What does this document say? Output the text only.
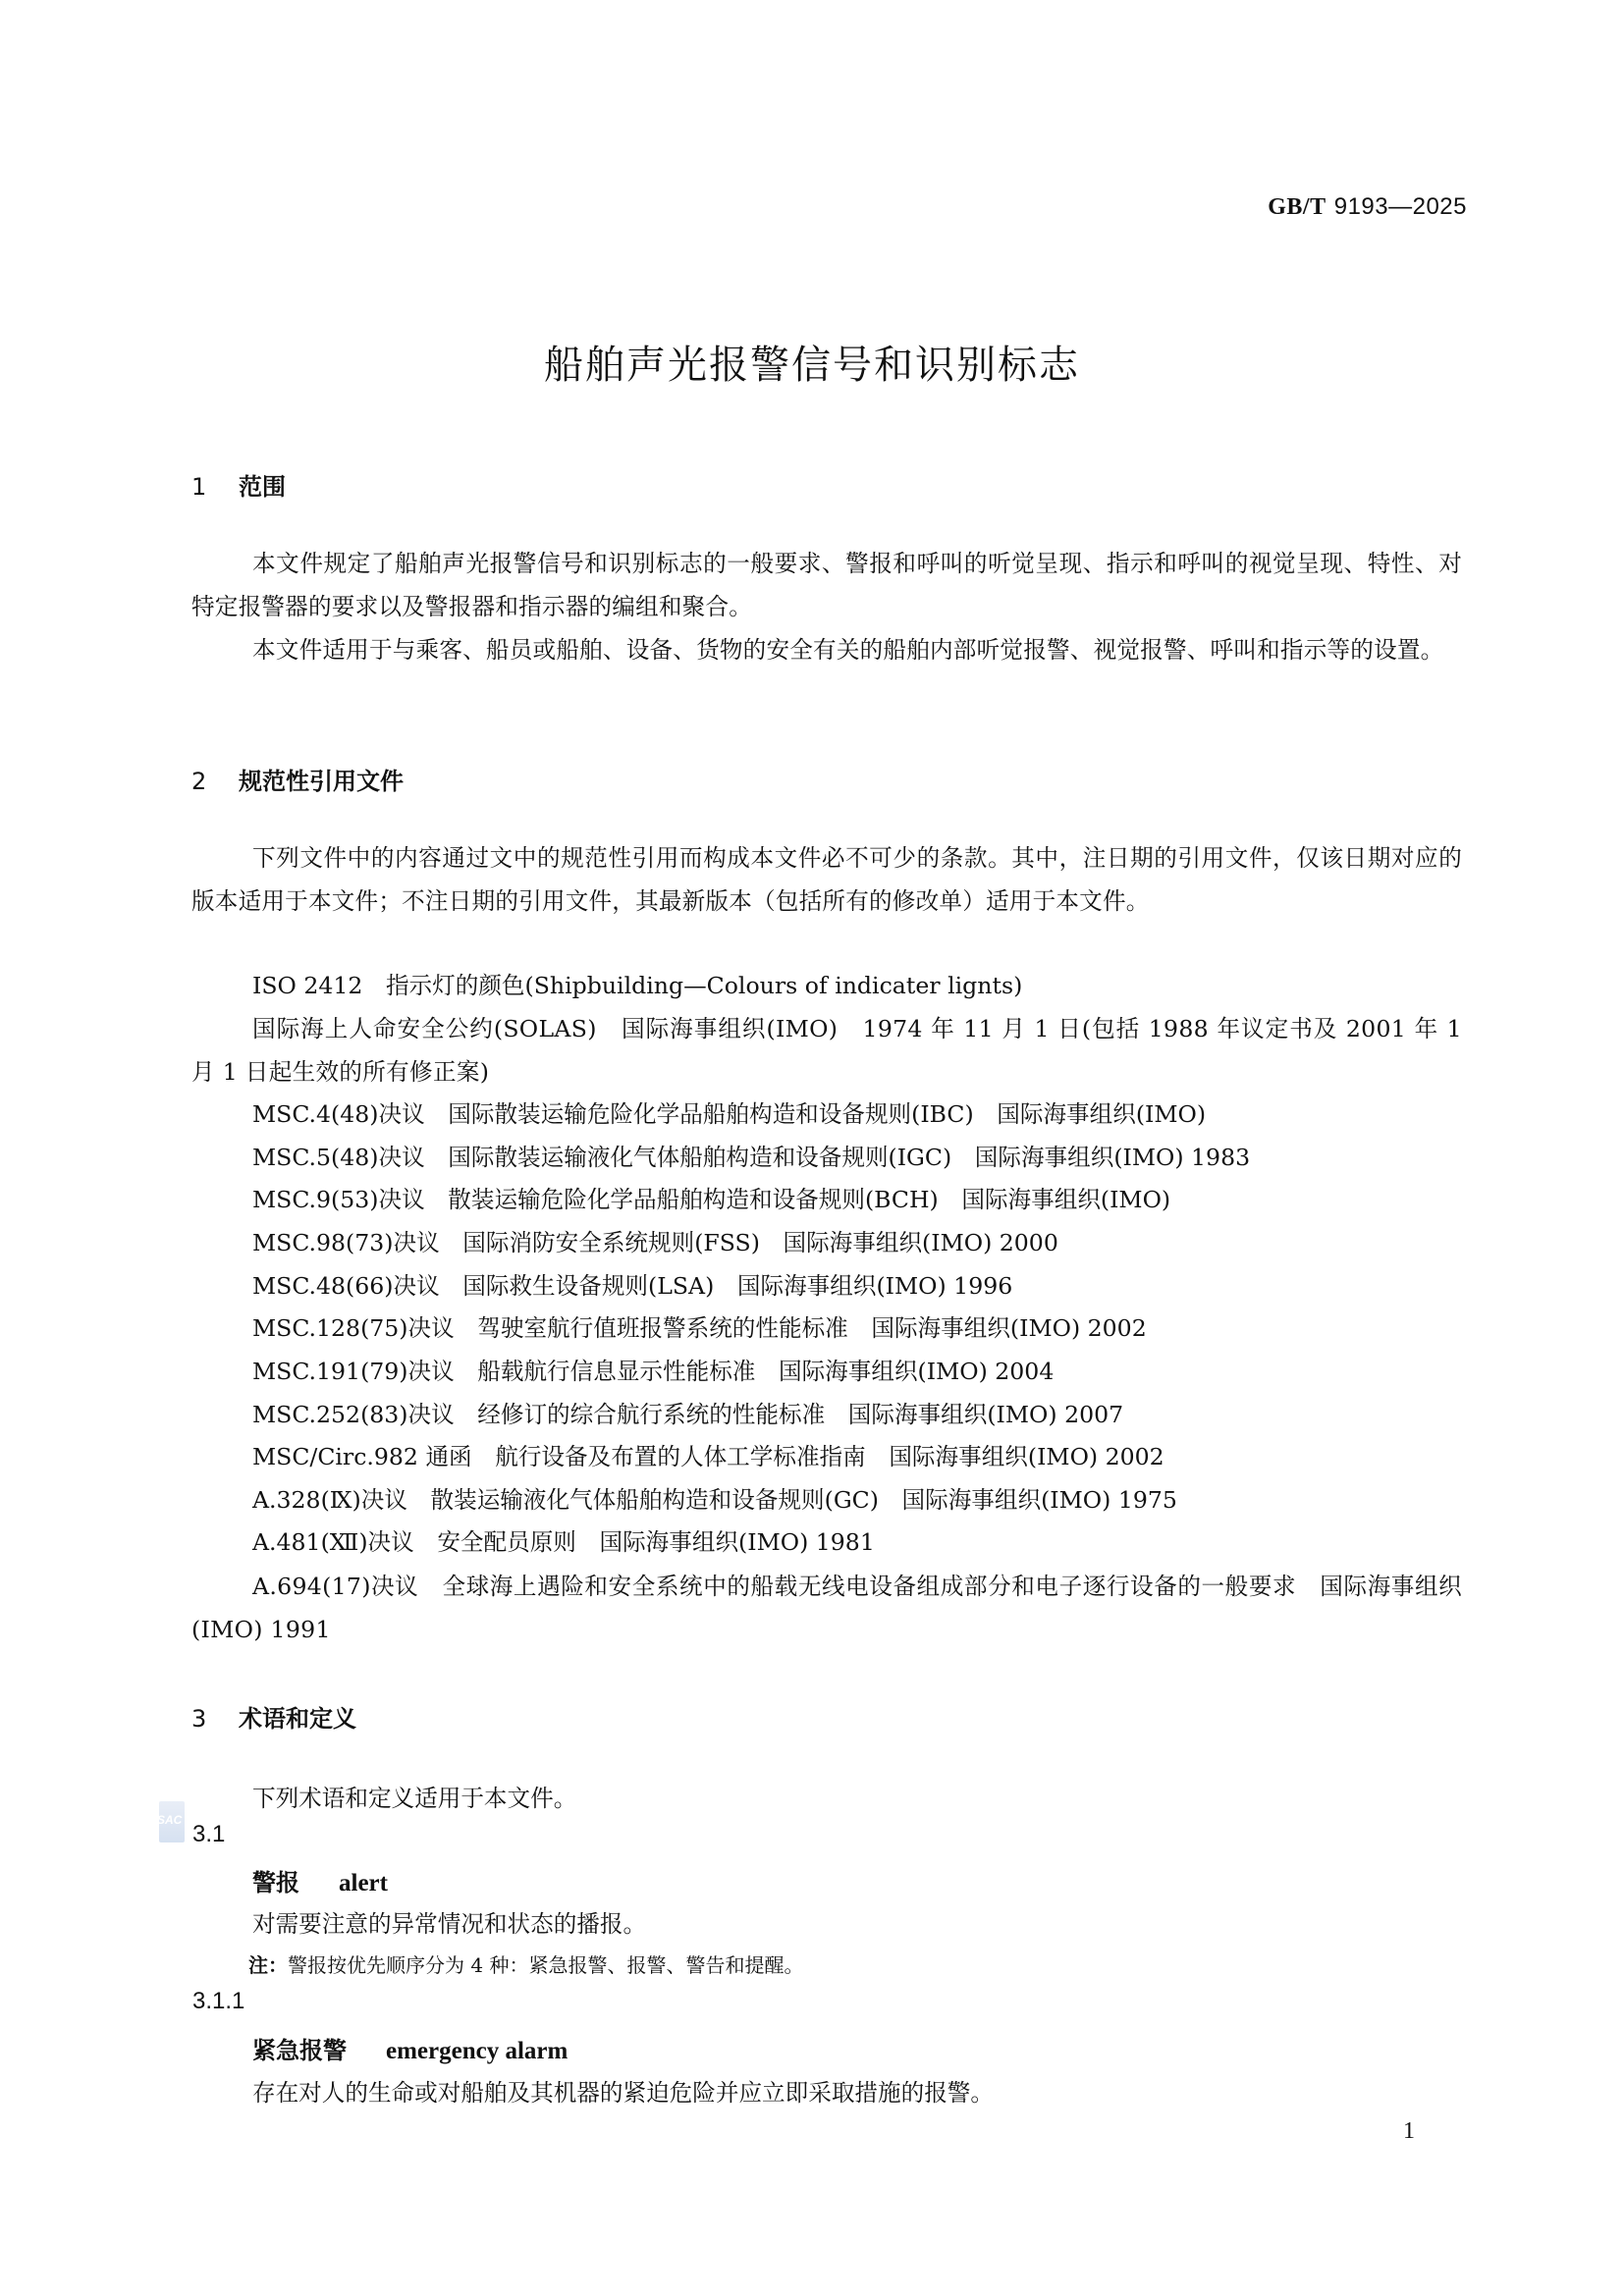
GB/T 9193—2025
船舶声光报警信号和识别标志
1 范围
本文件规定了船舶声光报警信号和识别标志的一般要求、警报和呼叫的听觉呈现、指示和呼叫的视觉呈现、特性、对特定报警器的要求以及警报器和指示器的编组和聚合。
本文件适用于与乘客、船员或船舶、设备、货物的安全有关的船舶内部听觉报警、视觉报警、呼叫和指示等的设置。
2 规范性引用文件
下列文件中的内容通过文中的规范性引用而构成本文件必不可少的条款。其中，注日期的引用文件，仅该日期对应的版本适用于本文件；不注日期的引用文件，其最新版本（包括所有的修改单）适用于本文件。
ISO 2412　指示灯的颜色(Shipbuilding—Colours of indicater lignts)
国际海上人命安全公约(SOLAS)　国际海事组织(IMO)　1974 年 11 月 1 日(包括 1988 年议定书及 2001 年 1 月 1 日起生效的所有修正案)
MSC.4(48)决议　国际散装运输危险化学品船舶构造和设备规则(IBC)　国际海事组织(IMO)
MSC.5(48)决议　国际散装运输液化气体船舶构造和设备规则(IGC)　国际海事组织(IMO) 1983
MSC.9(53)决议　散装运输危险化学品船舶构造和设备规则(BCH)　国际海事组织(IMO)
MSC.98(73)决议　国际消防安全系统规则(FSS)　国际海事组织(IMO) 2000
MSC.48(66)决议　国际救生设备规则(LSA)　国际海事组织(IMO) 1996
MSC.128(75)决议　驾驶室航行值班报警系统的性能标准　国际海事组织(IMO) 2002
MSC.191(79)决议　船载航行信息显示性能标准　国际海事组织(IMO) 2004
MSC.252(83)决议　经修订的综合航行系统的性能标准　国际海事组织(IMO) 2007
MSC/Circ.982 通函　航行设备及布置的人体工学标准指南　国际海事组织(IMO) 2002
A.328(Ⅸ)决议　散装运输液化气体船舶构造和设备规则(GC)　国际海事组织(IMO) 1975
A.481(Ⅻ)决议　安全配员原则　国际海事组织(IMO) 1981
A.694(17)决议　全球海上遇险和安全系统中的船载无线电设备组成部分和电子逐行设备的一般要求　国际海事组织(IMO) 1991
3 术语和定义
下列术语和定义适用于本文件。
SAC
3.1
警报 alert
对需要注意的异常情况和状态的播报。
注：警报按优先顺序分为 4 种：紧急报警、报警、警告和提醒。
3.1.1
紧急报警 emergency alarm
存在对人的生命或对船舶及其机器的紧迫危险并应立即采取措施的报警。
1
